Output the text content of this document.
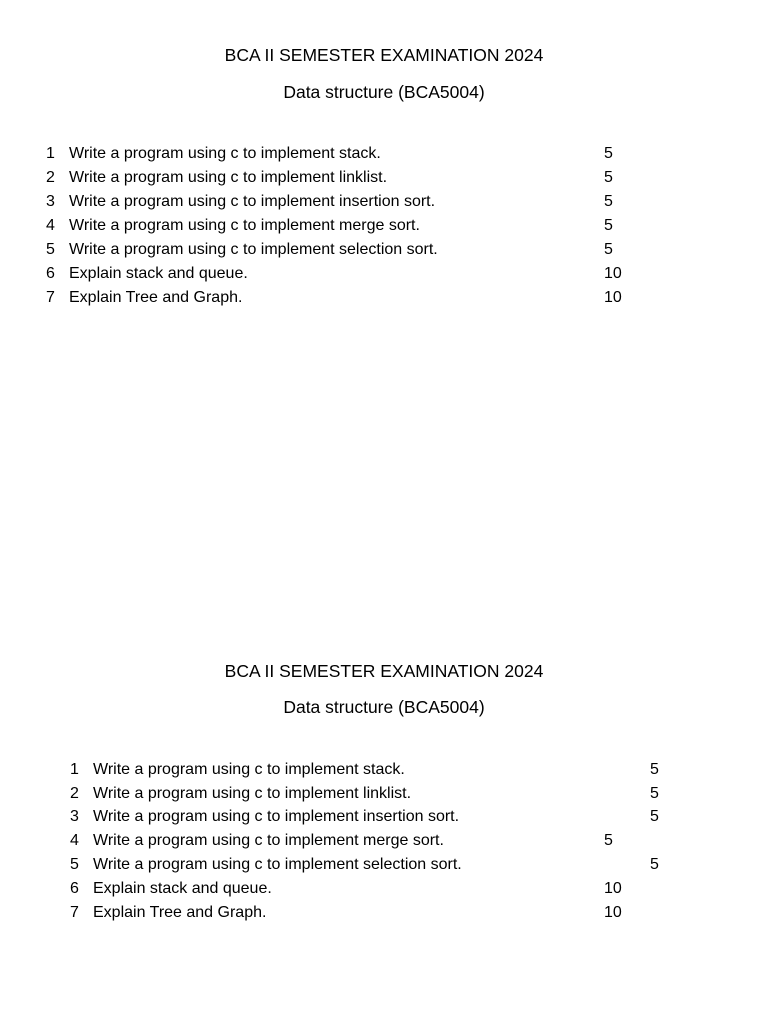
BCA II SEMESTER EXAMINATION 2024
Data structure (BCA5004)
1 Write a program using c to implement stack.	5
2 Write a program using c to implement linklist.	5
3 Write a program using c to implement insertion sort.	5
4 Write a program using c to implement merge sort.	5
5 Write a program using c to implement selection sort.	5
6 Explain stack and queue.	10
7 Explain Tree and Graph.	10
BCA II SEMESTER EXAMINATION 2024
Data structure (BCA5004)
1 Write a program using c to implement stack.	5
2 Write a program using c to implement linklist.	5
3 Write a program using c to implement insertion sort.	5
4 Write a program using c to implement merge sort.	5
5 Write a program using c to implement selection sort.	5
6 Explain stack and queue.	10
7 Explain Tree and Graph.	10
